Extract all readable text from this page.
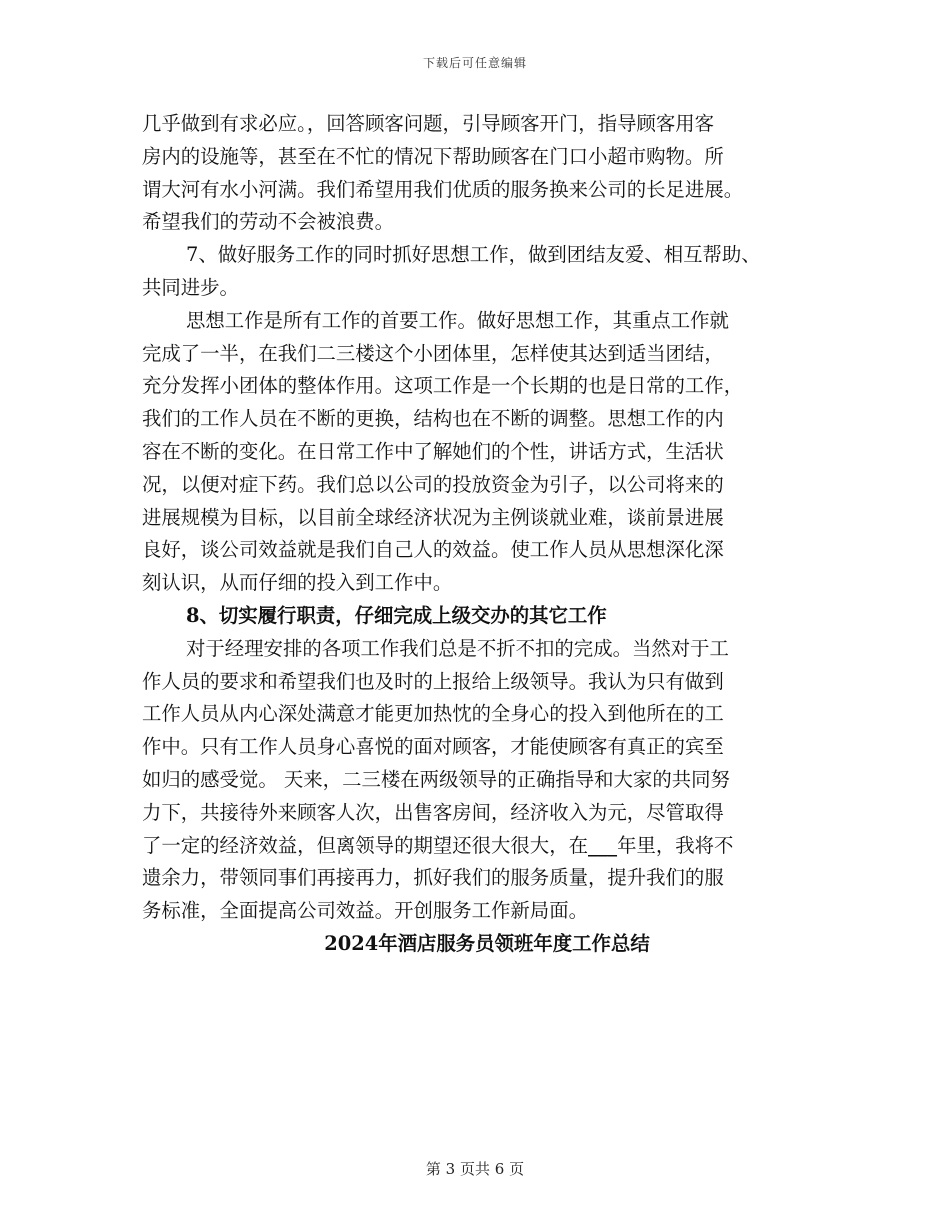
下载后可任意编辑
几乎做到有求必应。，回答顾客问题，引导顾客开门，指导顾客用客
房内的设施等，甚至在不忙的情况下帮助顾客在门口小超市购物。所
谓大河有水小河满。我们希望用我们优质的服务换来公司的长足进展。
希望我们的劳动不会被浪费。
7、做好服务工作的同时抓好思想工作，做到团结友爱、相互帮助、
共同进步。
思想工作是所有工作的首要工作。做好思想工作，其重点工作就
完成了一半，在我们二三楼这个小团体里，怎样使其达到适当团结，
充分发挥小团体的整体作用。这项工作是一个长期的也是日常的工作，
我们的工作人员在不断的更换，结构也在不断的调整。思想工作的内
容在不断的变化。在日常工作中了解她们的个性，讲话方式，生活状
况，以便对症下药。我们总以公司的投放资金为引子，以公司将来的
进展规模为目标，以目前全球经济状况为主例谈就业难，谈前景进展
良好，谈公司效益就是我们自己人的效益。使工作人员从思想深化深
刻认识，从而仔细的投入到工作中。
8、切实履行职责，仔细完成上级交办的其它工作
对于经理安排的各项工作我们总是不折不扣的完成。当然对于工
作人员的要求和希望我们也及时的上报给上级领导。我认为只有做到
工作人员从内心深处满意才能更加热忱的全身心的投入到他所在的工
作中。只有工作人员身心喜悦的面对顾客，才能使顾客有真正的宾至
如归的感受觉。 天来，二三楼在两级领导的正确指导和大家的共同努
力下，共接待外来顾客人次，出售客房间，经济收入为元，尽管取得
了一定的经济效益，但离领导的期望还很大很大，在___年里，我将不
遗余力，带领同事们再接再力，抓好我们的服务质量，提升我们的服
务标准，全面提高公司效益。开创服务工作新局面。
2024年酒店服务员领班年度工作总结
第 3 页共 6 页
